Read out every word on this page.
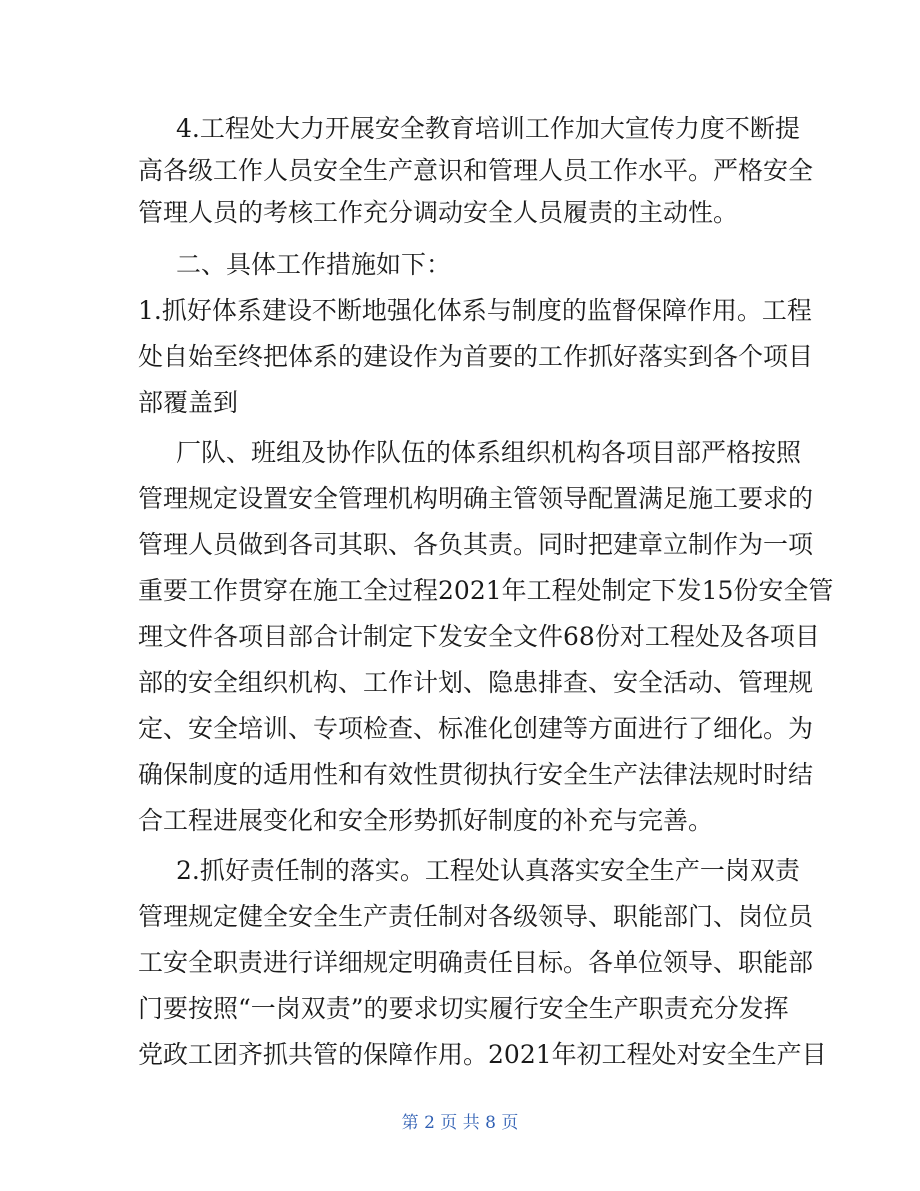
4.工程处大力开展安全教育培训工作加大宣传力度不断提
高各级工作人员安全生产意识和管理人员工作水平。严格安全
管理人员的考核工作充分调动安全人员履责的主动性。
二、具体工作措施如下：
1.抓好体系建设不断地强化体系与制度的监督保障作用。工程
处自始至终把体系的建设作为首要的工作抓好落实到各个项目
部覆盖到
厂队、班组及协作队伍的体系组织机构各项目部严格按照
管理规定设置安全管理机构明确主管领导配置满足施工要求的
管理人员做到各司其职、各负其责。同时把建章立制作为一项
重要工作贯穿在施工全过程2021年工程处制定下发15份安全管
理文件各项目部合计制定下发安全文件68份对工程处及各项目
部的安全组织机构、工作计划、隐患排查、安全活动、管理规
定、安全培训、专项检查、标准化创建等方面进行了细化。为
确保制度的适用性和有效性贯彻执行安全生产法律法规时时结
合工程进展变化和安全形势抓好制度的补充与完善。
2.抓好责任制的落实。工程处认真落实安全生产一岗双责
管理规定健全安全生产责任制对各级领导、职能部门、岗位员
工安全职责进行详细规定明确责任目标。各单位领导、职能部
门要按照“一岗双责”的要求切实履行安全生产职责充分发挥
党政工团齐抓共管的保障作用。2021年初工程处对安全生产目
第 2 页 共 8 页
